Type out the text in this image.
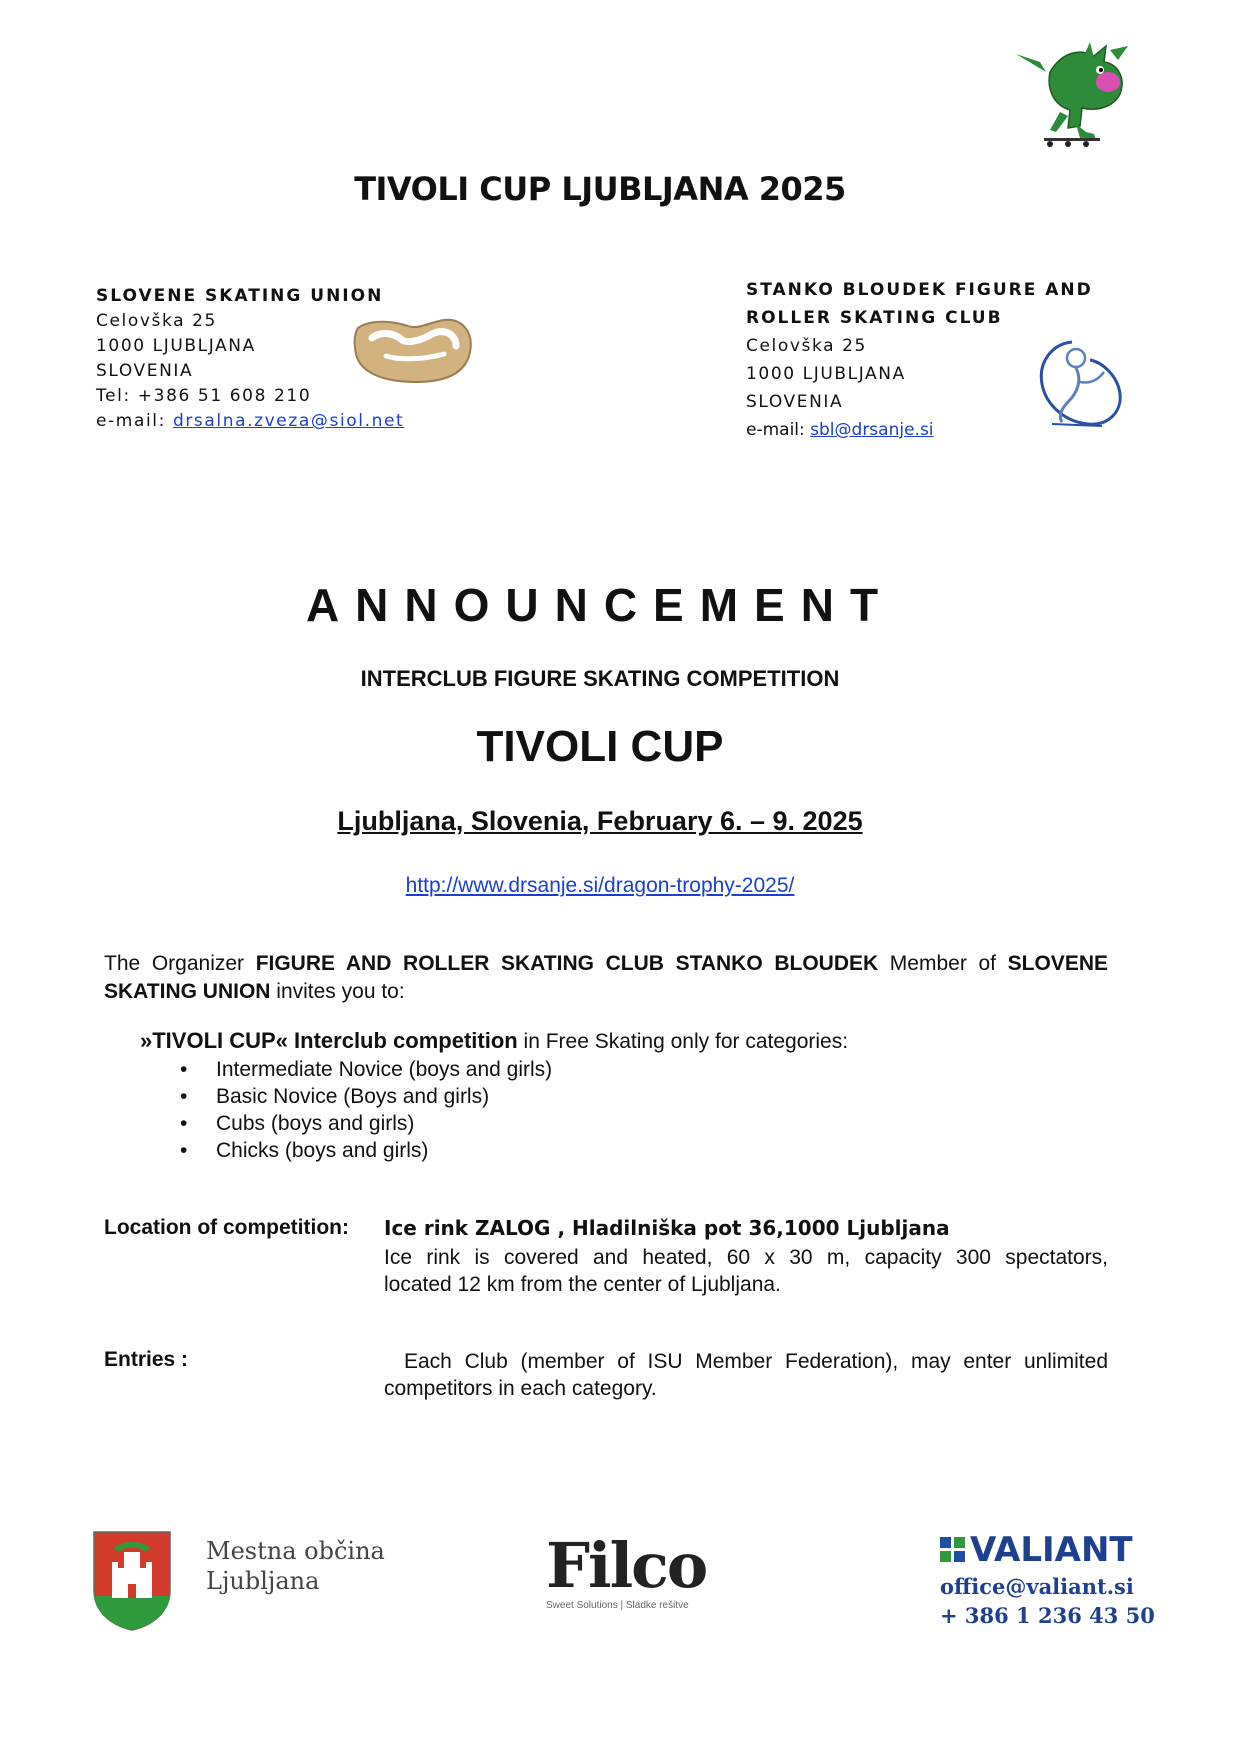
TIVOLI CUP LJUBLJANA 2025
SLOVENE SKATING UNION
Celovška 25
1000 LJUBLJANA
SLOVENIA
Tel: +386 51 608 210
e-mail: drsalna.zveza@siol.net
STANKO BLOUDEK FIGURE AND
ROLLER SKATING CLUB
Celovška 25
1000 LJUBLJANA
SLOVENIA
e-mail: sbl@drsanje.si
ANNOUNCEMENT
INTERCLUB FIGURE SKATING COMPETITION
TIVOLI CUP
Ljubljana, Slovenia, February 6. – 9. 2025
http://www.drsanje.si/dragon-trophy-2025/
The Organizer FIGURE AND ROLLER SKATING CLUB STANKO BLOUDEK Member of SLOVENE SKATING UNION invites you to:
»TIVOLI CUP« Interclub competition in Free Skating only for categories:
• Intermediate Novice (boys and girls)
• Basic Novice (Boys and girls)
• Cubs (boys and girls)
• Chicks (boys and girls)
Location of competition: Ice rink ZALOG , Hladilniška pot 36,1000 Ljubljana
Ice rink is covered and heated, 60 x 30 m, capacity 300 spectators,
located 12 km from the center of Ljubljana.
Entries :	Each Club (member of ISU Member Federation), may enter unlimited
competitors in each category.
Mestna občina
Ljubljana	Filco
Sweet Solutions | Sladke rešitve
VALIANT
office@valiant.si
+ 386 1 236 43 50
